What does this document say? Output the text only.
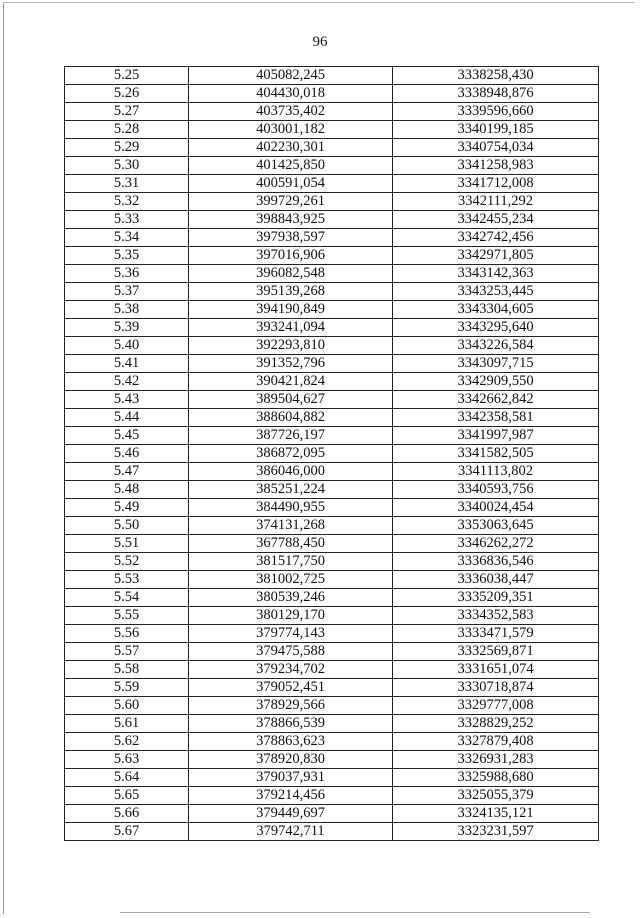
96
5.25	405082,245	3338258,430
5.26	404430,018	3338948,876
5.27	403735,402	3339596,660
5.28	403001,182	3340199,185
5.29	402230,301	3340754,034
5.30	401425,850	3341258,983
5.31	400591,054	3341712,008
5.32	399729,261	3342111,292
5.33	398843,925	3342455,234
5.34	397938,597	3342742,456
5.35	397016,906	3342971,805
5.36	396082,548	3343142,363
5.37	395139,268	3343253,445
5.38	394190,849	3343304,605
5.39	393241,094	3343295,640
5.40	392293,810	3343226,584
5.41	391352,796	3343097,715
5.42	390421,824	3342909,550
5.43	389504,627	3342662,842
5.44	388604,882	3342358,581
5.45	387726,197	3341997,987
5.46	386872,095	3341582,505
5.47	386046,000	3341113,802
5.48	385251,224	3340593,756
5.49	384490,955	3340024,454
5.50	374131,268	3353063,645
5.51	367788,450	3346262,272
5.52	381517,750	3336836,546
5.53	381002,725	3336038,447
5.54	380539,246	3335209,351
5.55	380129,170	3334352,583
5.56	379774,143	3333471,579
5.57	379475,588	3332569,871
5.58	379234,702	3331651,074
5.59	379052,451	3330718,874
5.60	378929,566	3329777,008
5.61	378866,539	3328829,252
5.62	378863,623	3327879,408
5.63	378920,830	3326931,283
5.64	379037,931	3325988,680
5.65	379214,456	3325055,379
5.66	379449,697	3324135,121
5.67	379742,711	3323231,597
